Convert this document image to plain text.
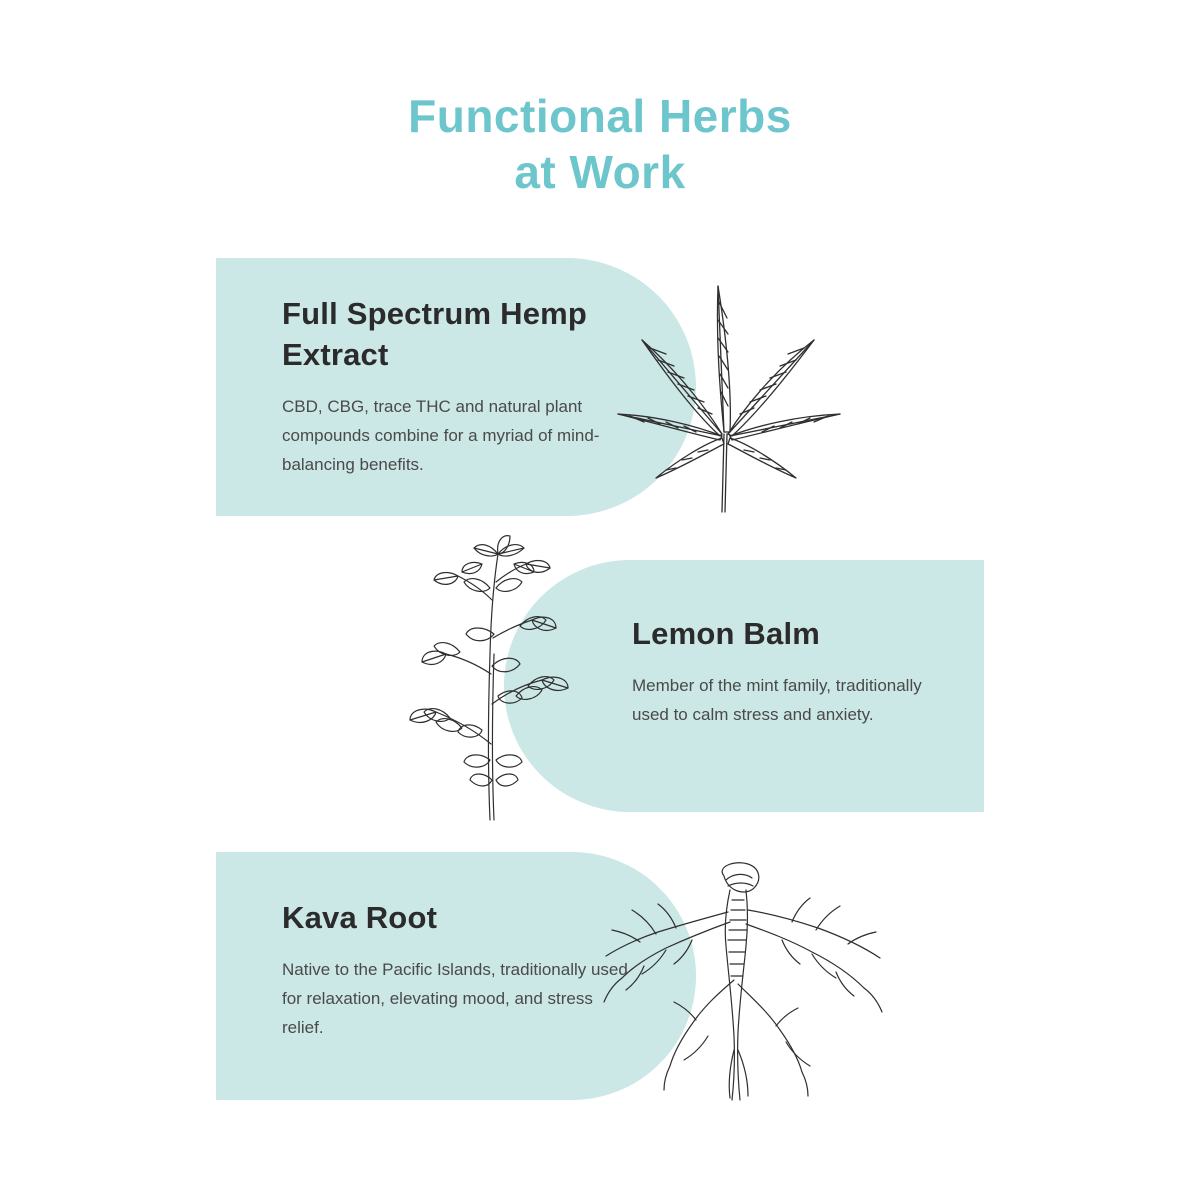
Functional Herbs
at Work

Full Spectrum Hemp Extract

CBD, CBG, trace THC and natural plant compounds combine for a myriad of mind-balancing benefits.

Lemon Balm

Member of the mint family, traditionally used to calm stress and anxiety.

Kava Root

Native to the Pacific Islands, traditionally used for relaxation, elevating mood, and stress relief.
